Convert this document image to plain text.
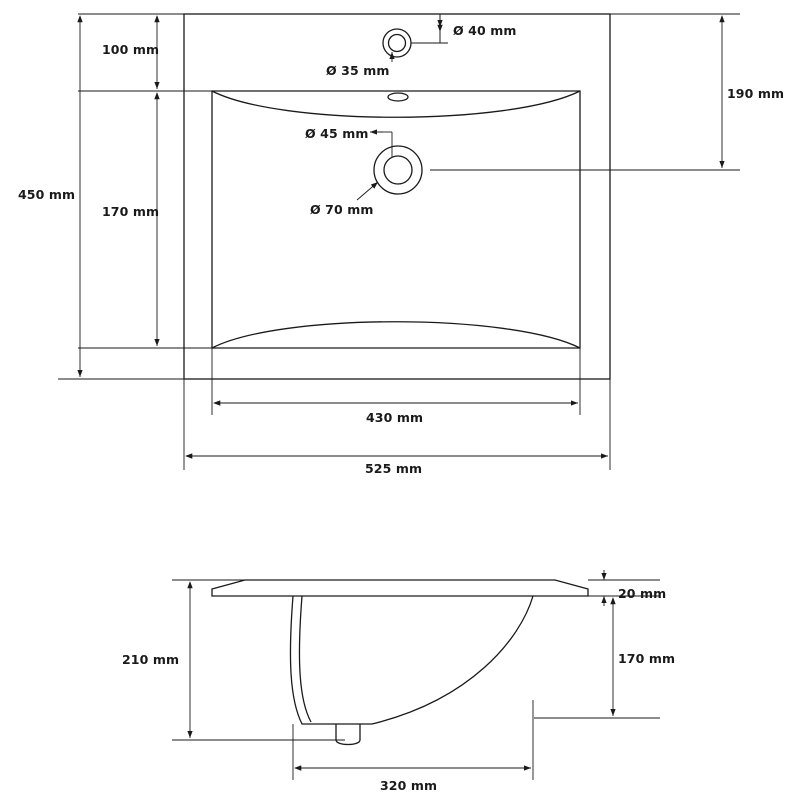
100 mm
170 mm
450 mm
190 mm
Ø 40 mm
Ø 35 mm
Ø 45 mm
Ø 70 mm
430 mm
525 mm
20 mm
170 mm
210 mm
320 mm
